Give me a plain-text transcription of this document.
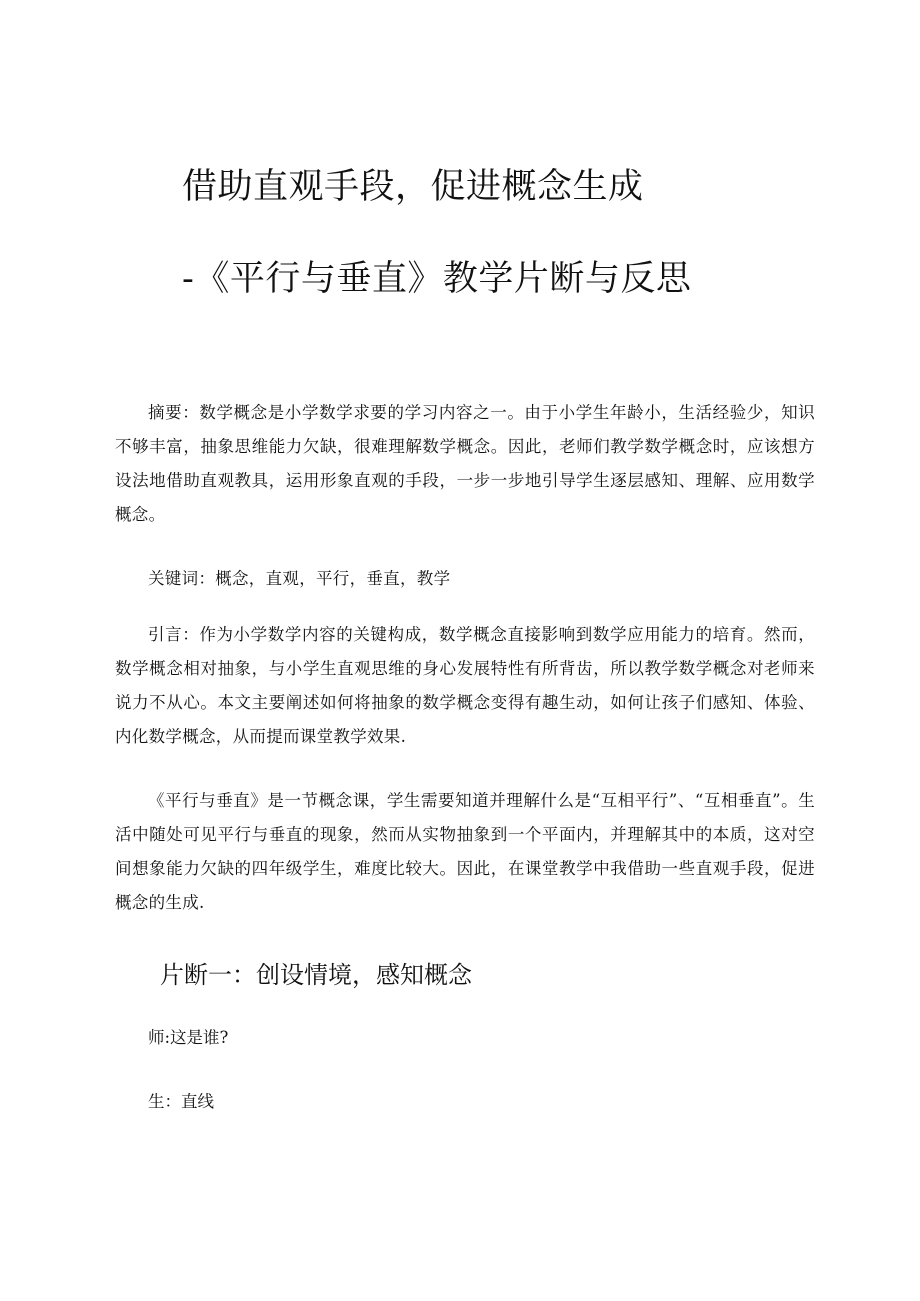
借助直观手段，促进概念生成
-《平行与垂直》教学片断与反思

摘要：数学概念是小学数学求要的学习内容之一。由于小学生年龄小，生活经验少，知识不够丰富，抽象思维能力欠缺，很难理解数学概念。因此，老师们教学数学概念时，应该想方设法地借助直观教具，运用形象直观的手段，一步一步地引导学生逐层感知、理解、应用数学概念。

关键词：概念，直观，平行，垂直，教学

引言：作为小学数学内容的关键构成，数学概念直接影响到数学应用能力的培育。然而，数学概念相对抽象，与小学生直观思维的身心发展特性有所背齿，所以教学数学概念对老师来说力不从心。本文主要阐述如何将抽象的数学概念变得有趣生动，如何让孩子们感知、体验、内化数学概念，从而提而课堂教学效果.

《平行与垂直》是一节概念课，学生需要知道并理解什么是“互相平行”、“互相垂直”。生活中随处可见平行与垂直的现象，然而从实物抽象到一个平面内，并理解其中的本质，这对空间想象能力欠缺的四年级学生，难度比较大。因此，在课堂教学中我借助一些直观手段，促进概念的生成.

片断一：创设情境，感知概念

师:这是谁?

生：直线
